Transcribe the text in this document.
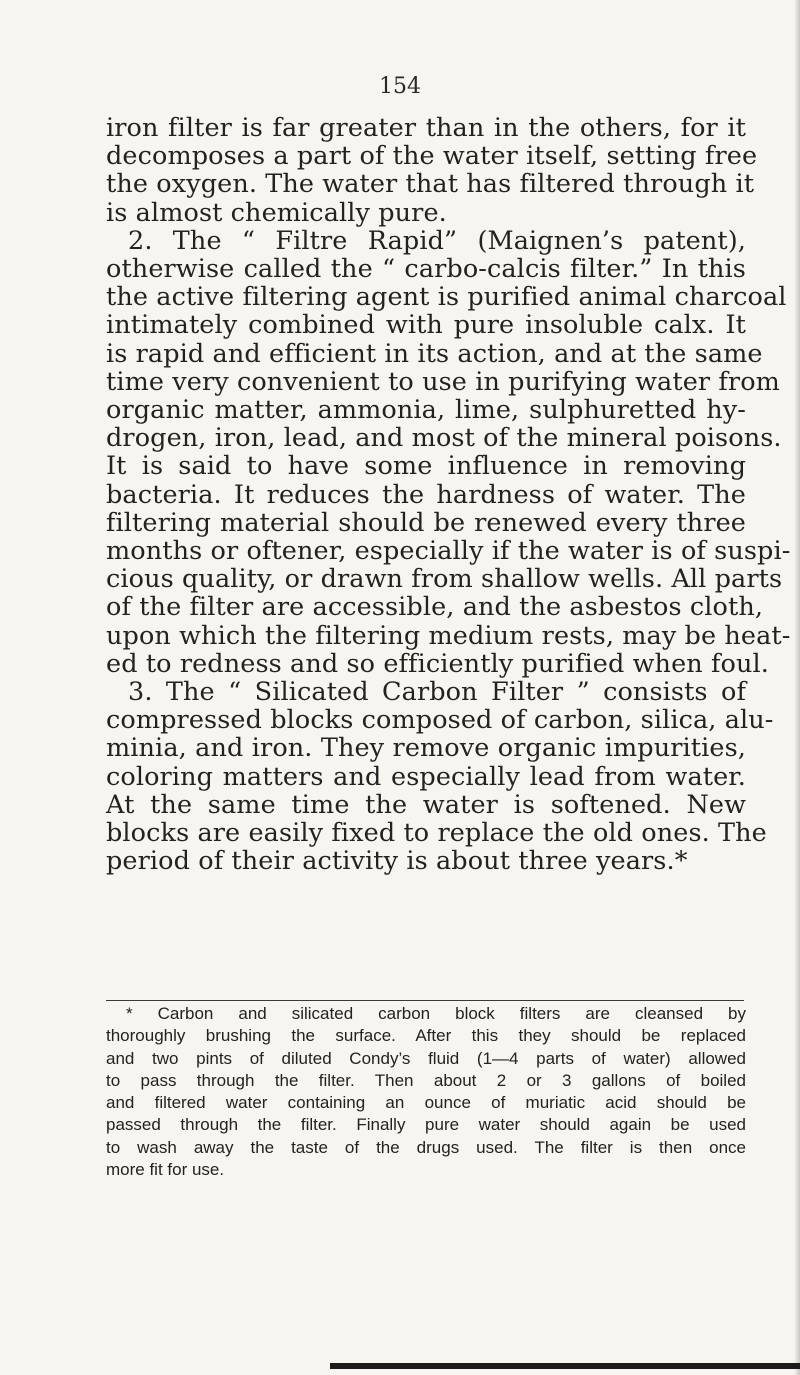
154
iron filter is far greater than in the others, for it
decomposes a part of the water itself, setting free
the oxygen. The water that has filtered through it
is almost chemically pure.
2. The “ Filtre Rapid” (Maignen’s patent),
otherwise called the “ carbo-calcis filter.” In this
the active filtering agent is purified animal charcoal
intimately combined with pure insoluble calx. It
is rapid and efficient in its action, and at the same
time very convenient to use in purifying water from
organic matter, ammonia, lime, sulphuretted hy-
drogen, iron, lead, and most of the mineral poisons.
It is said to have some influence in removing
bacteria. It reduces the hardness of water. The
filtering material should be renewed every three
months or oftener, especially if the water is of suspi-
cious quality, or drawn from shallow wells. All parts
of the filter are accessible, and the asbestos cloth,
upon which the filtering medium rests, may be heat-
ed to redness and so efficiently purified when foul.
3. The “ Silicated Carbon Filter ” consists of
compressed blocks composed of carbon, silica, alu-
minia, and iron. They remove organic impurities,
coloring matters and especially lead from water.
At the same time the water is softened. New
blocks are easily fixed to replace the old ones. The
period of their activity is about three years.*
* Carbon and silicated carbon block filters are cleansed by
thoroughly brushing the surface. After this they should be replaced
and two pints of diluted Condy’s fluid (1—4 parts of water) allowed
to pass through the filter. Then about 2 or 3 gallons of boiled
and filtered water containing an ounce of muriatic acid should be
passed through the filter. Finally pure water should again be used
to wash away the taste of the drugs used. The filter is then once
more fit for use.
